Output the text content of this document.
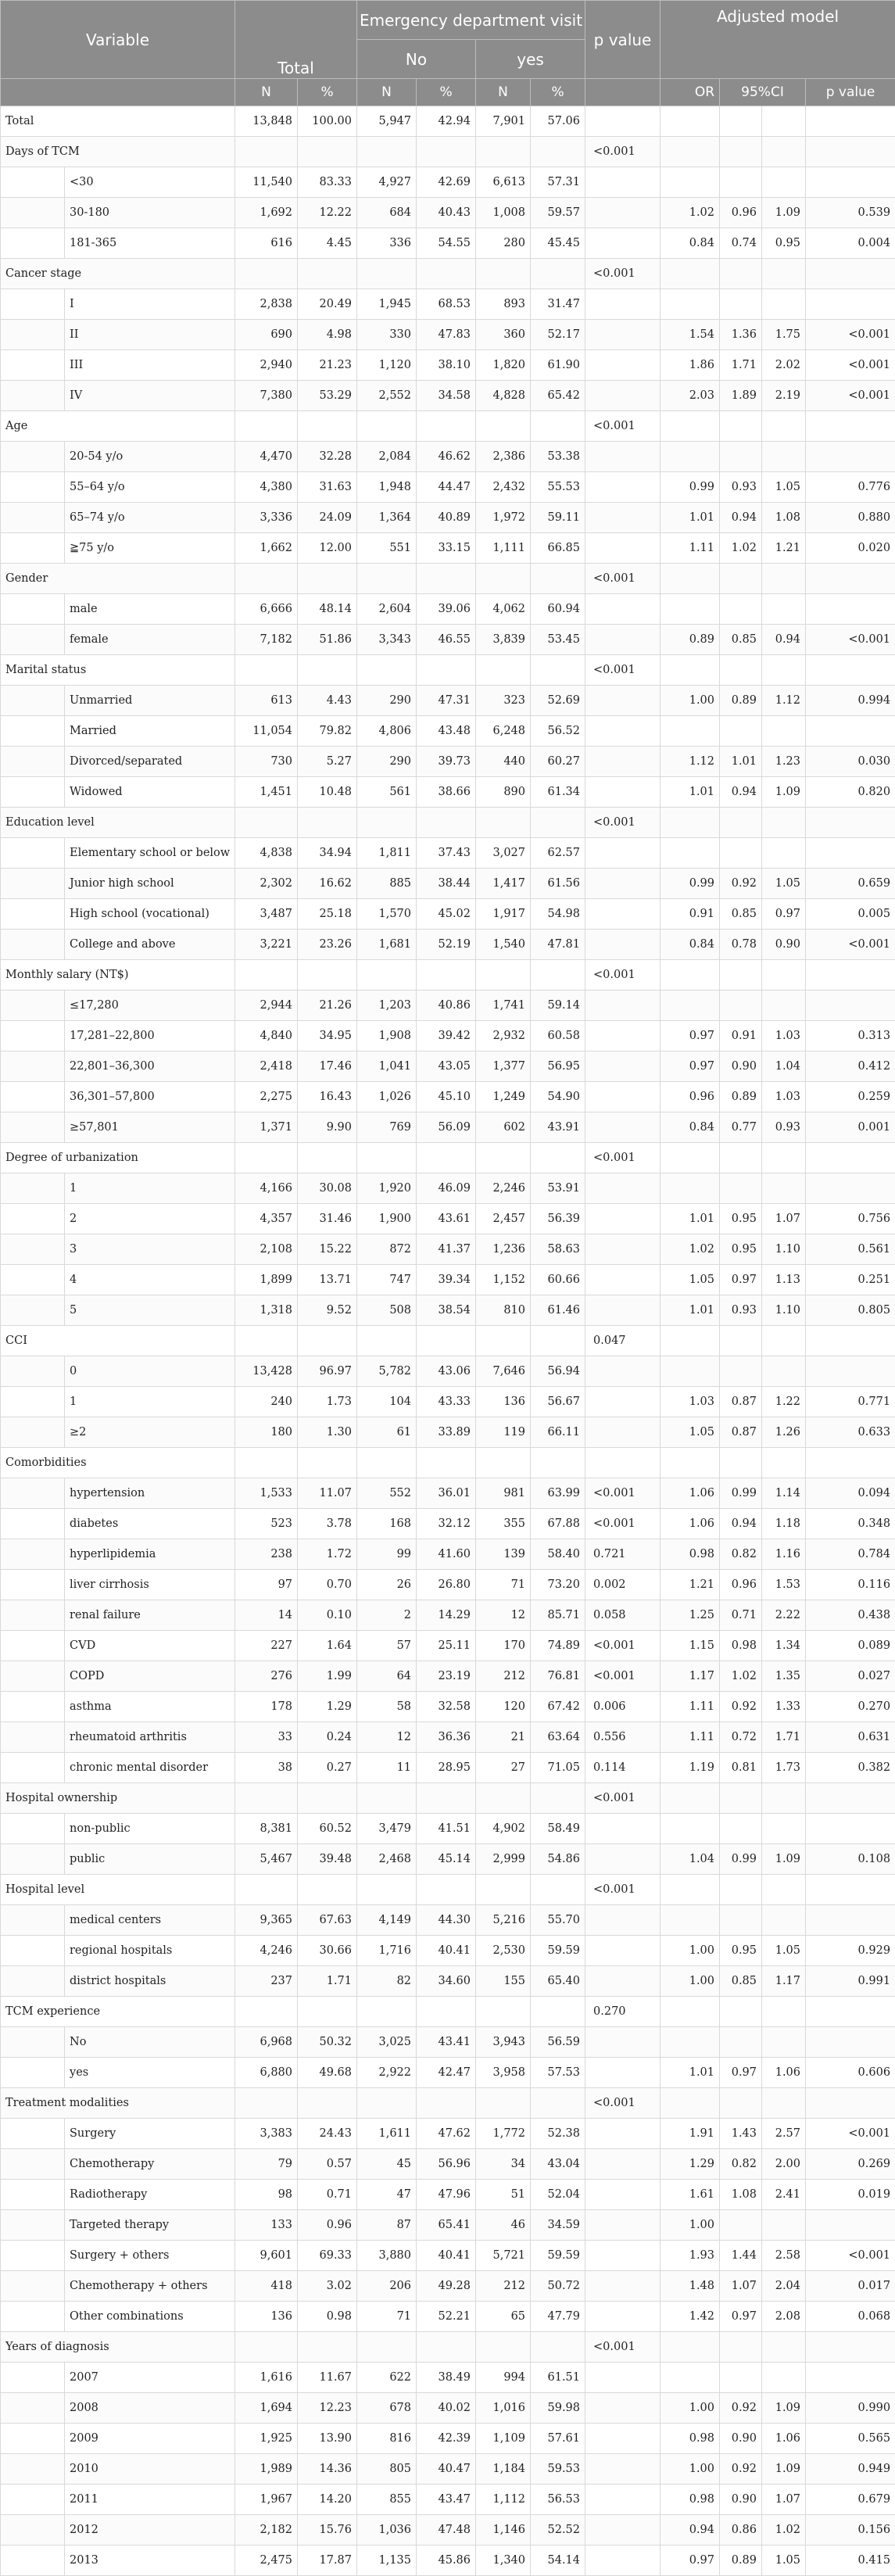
Variable		Total		Emergency department visit				p value	Adjusted model			
				No		yes						
		N	%	N	%	N	%		OR	95%CI		p value
Total		13,848	100.00	5,947	42.94	7,901	57.06					
Days of TCM								<0.001				
	<30	11,540	83.33	4,927	42.69	6,613	57.31					
	30-180	1,692	12.22	684	40.43	1,008	59.57		1.02	0.96	1.09	0.539
	181-365	616	4.45	336	54.55	280	45.45		0.84	0.74	0.95	0.004
Cancer stage								<0.001				
	I	2,838	20.49	1,945	68.53	893	31.47					
	II	690	4.98	330	47.83	360	52.17		1.54	1.36	1.75	<0.001
	III	2,940	21.23	1,120	38.10	1,820	61.90		1.86	1.71	2.02	<0.001
	IV	7,380	53.29	2,552	34.58	4,828	65.42		2.03	1.89	2.19	<0.001
Age								<0.001				
	20-54 y/o	4,470	32.28	2,084	46.62	2,386	53.38					
	55–64 y/o	4,380	31.63	1,948	44.47	2,432	55.53		0.99	0.93	1.05	0.776
	65–74 y/o	3,336	24.09	1,364	40.89	1,972	59.11		1.01	0.94	1.08	0.880
	≧75 y/o	1,662	12.00	551	33.15	1,111	66.85		1.11	1.02	1.21	0.020
Gender								<0.001				
	male	6,666	48.14	2,604	39.06	4,062	60.94					
	female	7,182	51.86	3,343	46.55	3,839	53.45		0.89	0.85	0.94	<0.001
Marital status								<0.001				
	Unmarried	613	4.43	290	47.31	323	52.69		1.00	0.89	1.12	0.994
	Married	11,054	79.82	4,806	43.48	6,248	56.52					
	Divorced/separated	730	5.27	290	39.73	440	60.27		1.12	1.01	1.23	0.030
	Widowed	1,451	10.48	561	38.66	890	61.34		1.01	0.94	1.09	0.820
Education level								<0.001				
	Elementary school or below	4,838	34.94	1,811	37.43	3,027	62.57					
	Junior high school	2,302	16.62	885	38.44	1,417	61.56		0.99	0.92	1.05	0.659
	High school (vocational)	3,487	25.18	1,570	45.02	1,917	54.98		0.91	0.85	0.97	0.005
	College and above	3,221	23.26	1,681	52.19	1,540	47.81		0.84	0.78	0.90	<0.001
Monthly salary (NT$)								<0.001				
	≤17,280	2,944	21.26	1,203	40.86	1,741	59.14					
	17,281–22,800	4,840	34.95	1,908	39.42	2,932	60.58		0.97	0.91	1.03	0.313
	22,801–36,300	2,418	17.46	1,041	43.05	1,377	56.95		0.97	0.90	1.04	0.412
	36,301–57,800	2,275	16.43	1,026	45.10	1,249	54.90		0.96	0.89	1.03	0.259
	≥57,801	1,371	9.90	769	56.09	602	43.91		0.84	0.77	0.93	0.001
Degree of urbanization								<0.001				
	1	4,166	30.08	1,920	46.09	2,246	53.91					
	2	4,357	31.46	1,900	43.61	2,457	56.39		1.01	0.95	1.07	0.756
	3	2,108	15.22	872	41.37	1,236	58.63		1.02	0.95	1.10	0.561
	4	1,899	13.71	747	39.34	1,152	60.66		1.05	0.97	1.13	0.251
	5	1,318	9.52	508	38.54	810	61.46		1.01	0.93	1.10	0.805
CCI								0.047				
	0	13,428	96.97	5,782	43.06	7,646	56.94					
	1	240	1.73	104	43.33	136	56.67		1.03	0.87	1.22	0.771
	≥2	180	1.30	61	33.89	119	66.11		1.05	0.87	1.26	0.633
Comorbidities												
	hypertension	1,533	11.07	552	36.01	981	63.99	<0.001	1.06	0.99	1.14	0.094
	diabetes	523	3.78	168	32.12	355	67.88	<0.001	1.06	0.94	1.18	0.348
	hyperlipidemia	238	1.72	99	41.60	139	58.40	0.721	0.98	0.82	1.16	0.784
	liver cirrhosis	97	0.70	26	26.80	71	73.20	0.002	1.21	0.96	1.53	0.116
	renal failure	14	0.10	2	14.29	12	85.71	0.058	1.25	0.71	2.22	0.438
	CVD	227	1.64	57	25.11	170	74.89	<0.001	1.15	0.98	1.34	0.089
	COPD	276	1.99	64	23.19	212	76.81	<0.001	1.17	1.02	1.35	0.027
	asthma	178	1.29	58	32.58	120	67.42	0.006	1.11	0.92	1.33	0.270
	rheumatoid arthritis	33	0.24	12	36.36	21	63.64	0.556	1.11	0.72	1.71	0.631
	chronic mental disorder	38	0.27	11	28.95	27	71.05	0.114	1.19	0.81	1.73	0.382
Hospital ownership								<0.001				
	non-public	8,381	60.52	3,479	41.51	4,902	58.49					
	public	5,467	39.48	2,468	45.14	2,999	54.86		1.04	0.99	1.09	0.108
Hospital level								<0.001				
	medical centers	9,365	67.63	4,149	44.30	5,216	55.70					
	regional hospitals	4,246	30.66	1,716	40.41	2,530	59.59		1.00	0.95	1.05	0.929
	district hospitals	237	1.71	82	34.60	155	65.40		1.00	0.85	1.17	0.991
TCM experience								0.270				
	No	6,968	50.32	3,025	43.41	3,943	56.59					
	yes	6,880	49.68	2,922	42.47	3,958	57.53		1.01	0.97	1.06	0.606
Treatment modalities								<0.001				
	Surgery	3,383	24.43	1,611	47.62	1,772	52.38		1.91	1.43	2.57	<0.001
	Chemotherapy	79	0.57	45	56.96	34	43.04		1.29	0.82	2.00	0.269
	Radiotherapy	98	0.71	47	47.96	51	52.04		1.61	1.08	2.41	0.019
	Targeted therapy	133	0.96	87	65.41	46	34.59		1.00			
	Surgery + others	9,601	69.33	3,880	40.41	5,721	59.59		1.93	1.44	2.58	<0.001
	Chemotherapy + others	418	3.02	206	49.28	212	50.72		1.48	1.07	2.04	0.017
	Other combinations	136	0.98	71	52.21	65	47.79		1.42	0.97	2.08	0.068
Years of diagnosis								<0.001				
	2007	1,616	11.67	622	38.49	994	61.51					
	2008	1,694	12.23	678	40.02	1,016	59.98		1.00	0.92	1.09	0.990
	2009	1,925	13.90	816	42.39	1,109	57.61		0.98	0.90	1.06	0.565
	2010	1,989	14.36	805	40.47	1,184	59.53		1.00	0.92	1.09	0.949
	2011	1,967	14.20	855	43.47	1,112	56.53		0.98	0.90	1.07	0.679
	2012	2,182	15.76	1,036	47.48	1,146	52.52		0.94	0.86	1.02	0.156
	2013	2,475	17.87	1,135	45.86	1,340	54.14		0.97	0.89	1.05	0.415
